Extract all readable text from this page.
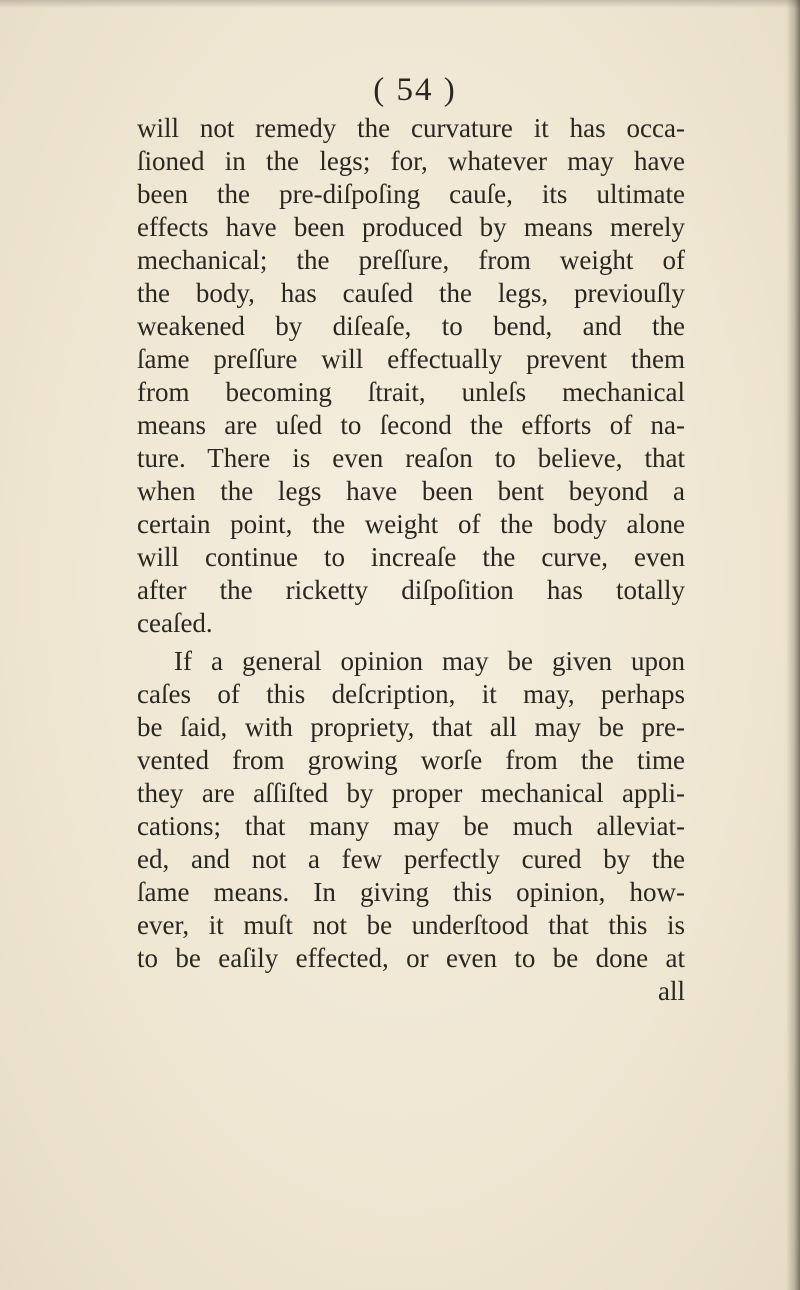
( 54 )

will not remedy the curvature it has occa-
ſioned in the legs; for, whatever may have
been the pre-diſpoſing cauſe, its ultimate
effects have been produced by means merely
mechanical; the preſſure, from weight of
the body, has cauſed the legs, previouſly
weakened by diſeaſe, to bend, and the
ſame preſſure will effectually prevent them
from becoming ſtrait, unleſs mechanical
means are uſed to ſecond the efforts of na-
ture. There is even reaſon to believe, that
when the legs have been bent beyond a
certain point, the weight of the body alone
will continue to increaſe the curve, even
after the ricketty diſpoſition has totally
ceaſed.
If a general opinion may be given upon
caſes of this deſcription, it may, perhaps
be ſaid, with propriety, that all may be pre-
vented from growing worſe from the time
they are aſſiſted by proper mechanical appli-
cations; that many may be much alleviat-
ed, and not a few perfectly cured by the
ſame means. In giving this opinion, how-
ever, it muſt not be underſtood that this is
to be eaſily effected, or even to be done at
all
